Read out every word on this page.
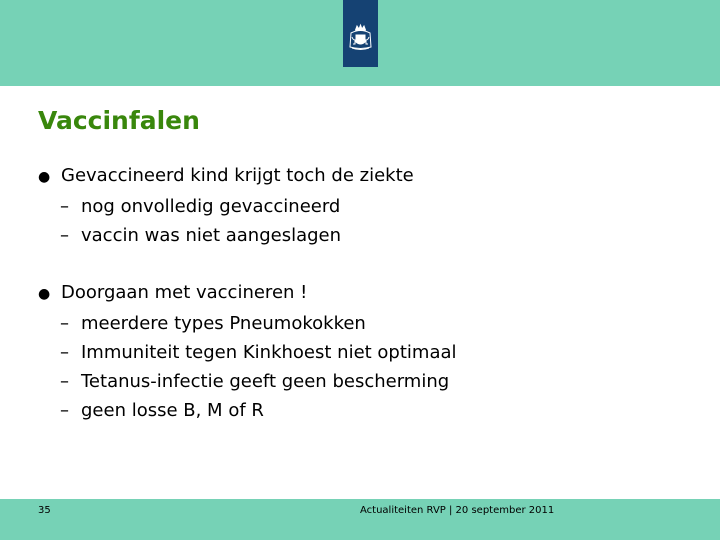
Vaccinfalen
● Gevaccineerd kind krijgt toch de ziekte
– nog onvolledig gevaccineerd
– vaccin was niet aangeslagen
● Doorgaan met vaccineren !
– meerdere types Pneumokokken
– Immuniteit tegen Kinkhoest niet optimaal
– Tetanus-infectie geeft geen bescherming
– geen losse B, M of R
35	Actualiteiten RVP | 20 september 2011
